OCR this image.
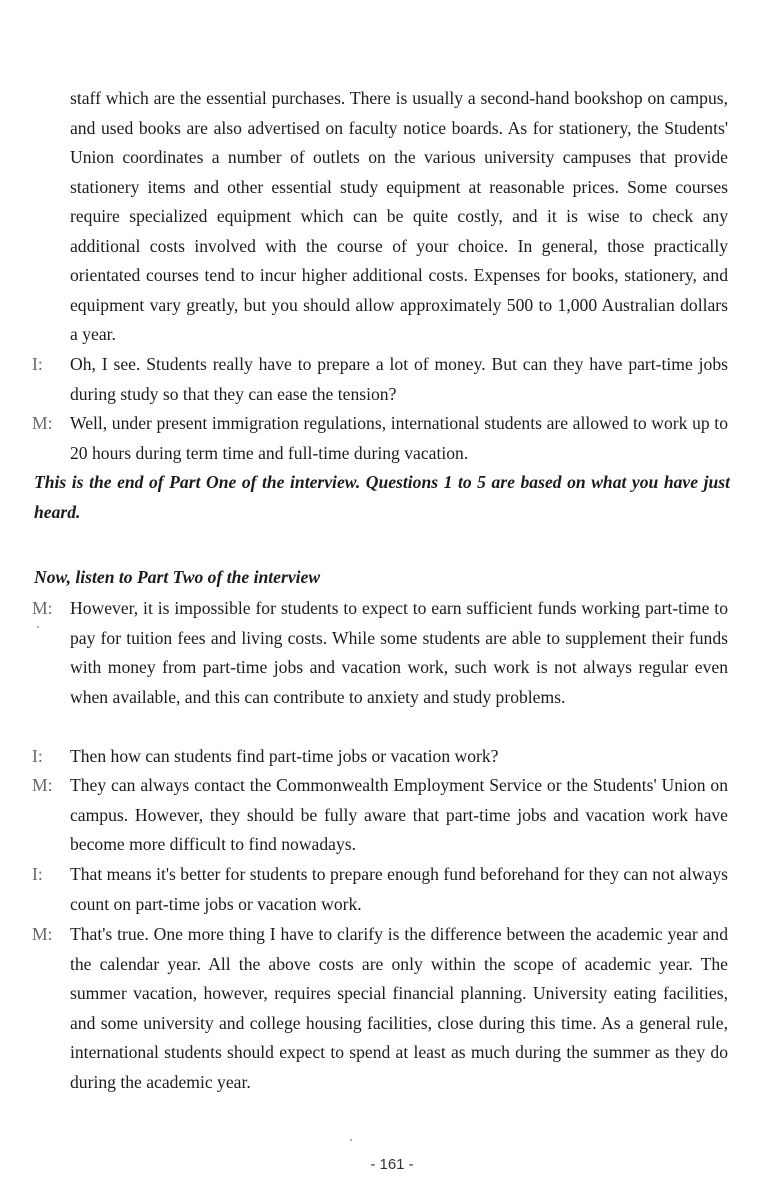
staff which are the essential purchases. There is usually a second-hand bookshop on campus, and used books are also advertised on faculty notice boards. As for stationery, the Students' Union coordinates a number of outlets on the various university campuses that provide stationery items and other essential study equipment at reasonable prices. Some courses require specialized equipment which can be quite costly, and it is wise to check any additional costs involved with the course of your choice. In general, those practically orientated courses tend to incur higher additional costs. Expenses for books, stationery, and equipment vary greatly, but you should allow approximately 500 to 1,000 Australian dollars a year.

I:	Oh, I see. Students really have to prepare a lot of money. But can they have part-time jobs during study so that they can ease the tension?

M: Well, under present immigration regulations, international students are allowed to work up to 20 hours during term time and full-time during vacation.

This is the end of Part One of the interview. Questions 1 to 5 are based on what you have just heard.

Now, listen to Part Two of the interview

M: However, it is impossible for students to expect to earn sufficient funds working part-time to pay for tuition fees and living costs. While some students are able to supplement their funds with money from part-time jobs and vacation work, such work is not always regular even when available, and this can contribute to anxiety and study problems.

I:	Then how can students find part-time jobs or vacation work?

M: They can always contact the Commonwealth Employment Service or the Students' Union on campus. However, they should be fully aware that part-time jobs and vacation work have become more difficult to find nowadays.

I:	That means it's better for students to prepare enough fund beforehand for they can not always count on part-time jobs or vacation work.

M: That's true. One more thing I have to clarify is the difference between the academic year and the calendar year. All the above costs are only within the scope of academic year. The summer vacation, however, requires special financial planning. University eating facilities, and some university and college housing facilities, close during this time. As a general rule, international students should expect to spend at least as much during the summer as they do during the academic year.

- 161 -
